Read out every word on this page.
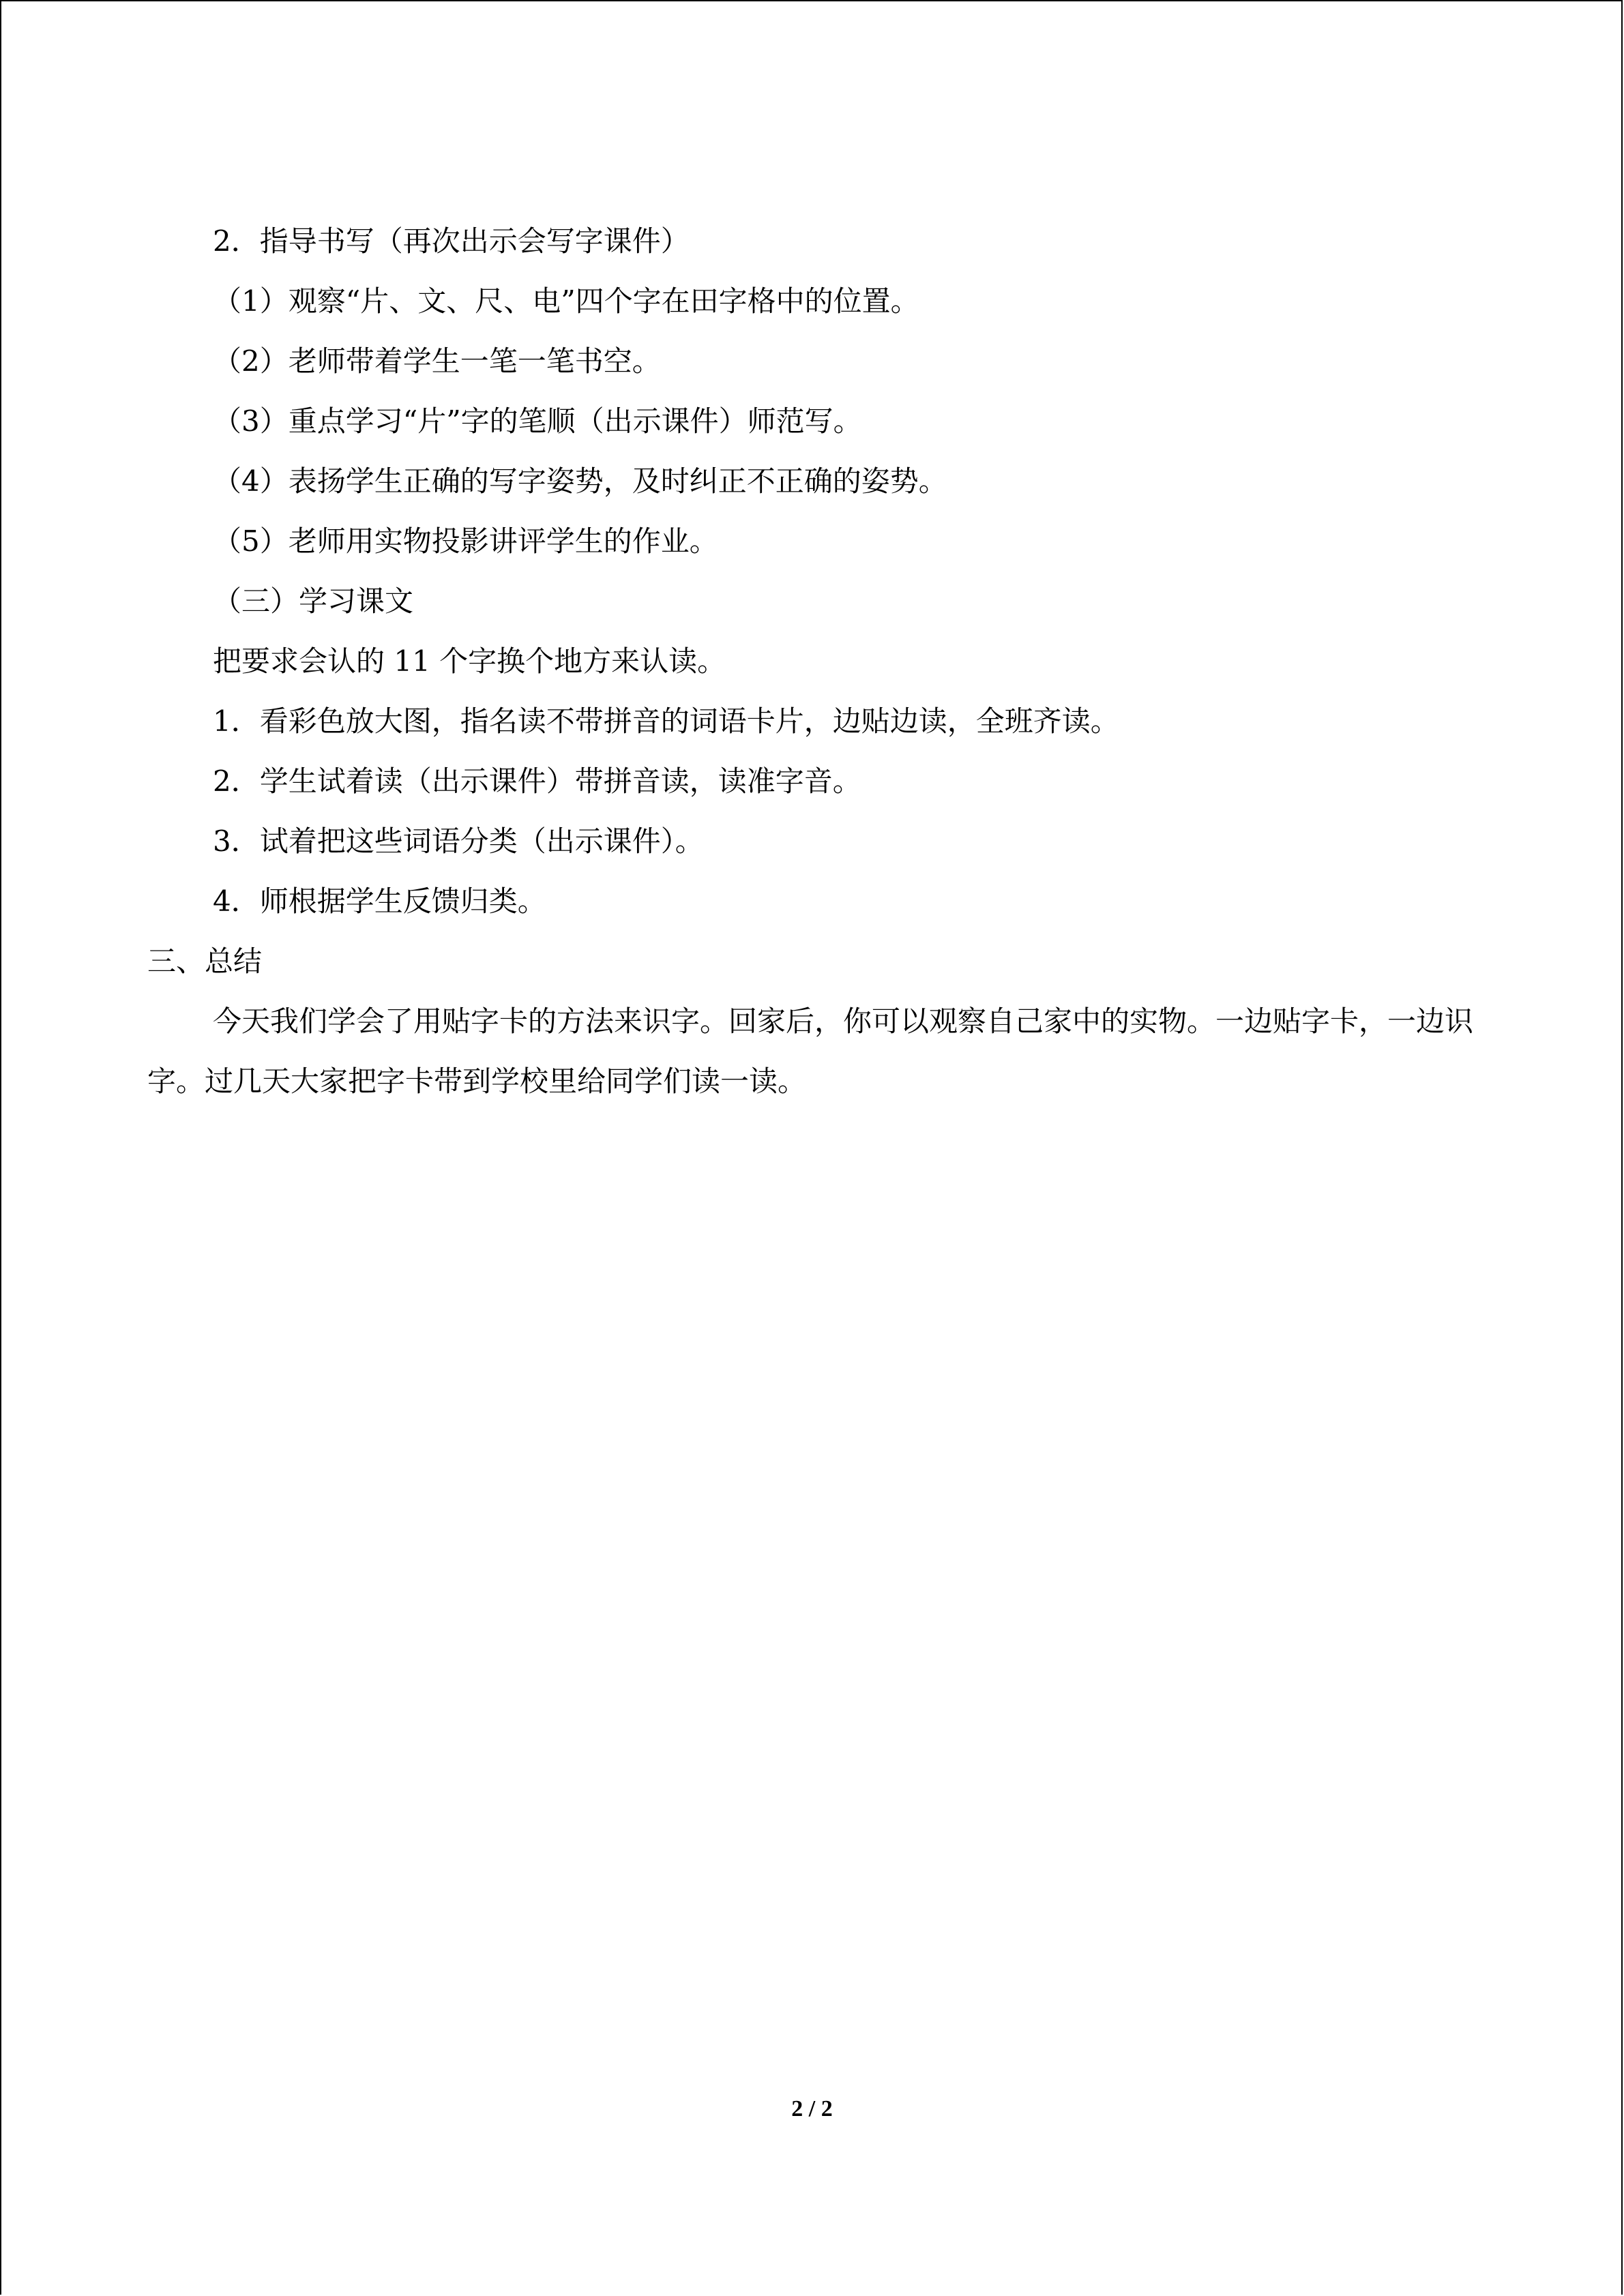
2．指导书写（再次出示会写字课件）
（1）观察“片、文、尺、电”四个字在田字格中的位置。
（2）老师带着学生一笔一笔书空。
（3）重点学习“片”字的笔顺（出示课件）师范写。
（4）表扬学生正确的写字姿势，及时纠正不正确的姿势。
（5）老师用实物投影讲评学生的作业。
（三）学习课文
把要求会认的 11 个字换个地方来认读。
1．看彩色放大图，指名读不带拼音的词语卡片，边贴边读，全班齐读。
2．学生试着读（出示课件）带拼音读，读准字音。
3．试着把这些词语分类（出示课件）。
4．师根据学生反馈归类。
三、总结
今天我们学会了用贴字卡的方法来识字。回家后，你可以观察自己家中的实物。一边贴字卡，一边识字。过几天大家把字卡带到学校里给同学们读一读。
2 / 2
